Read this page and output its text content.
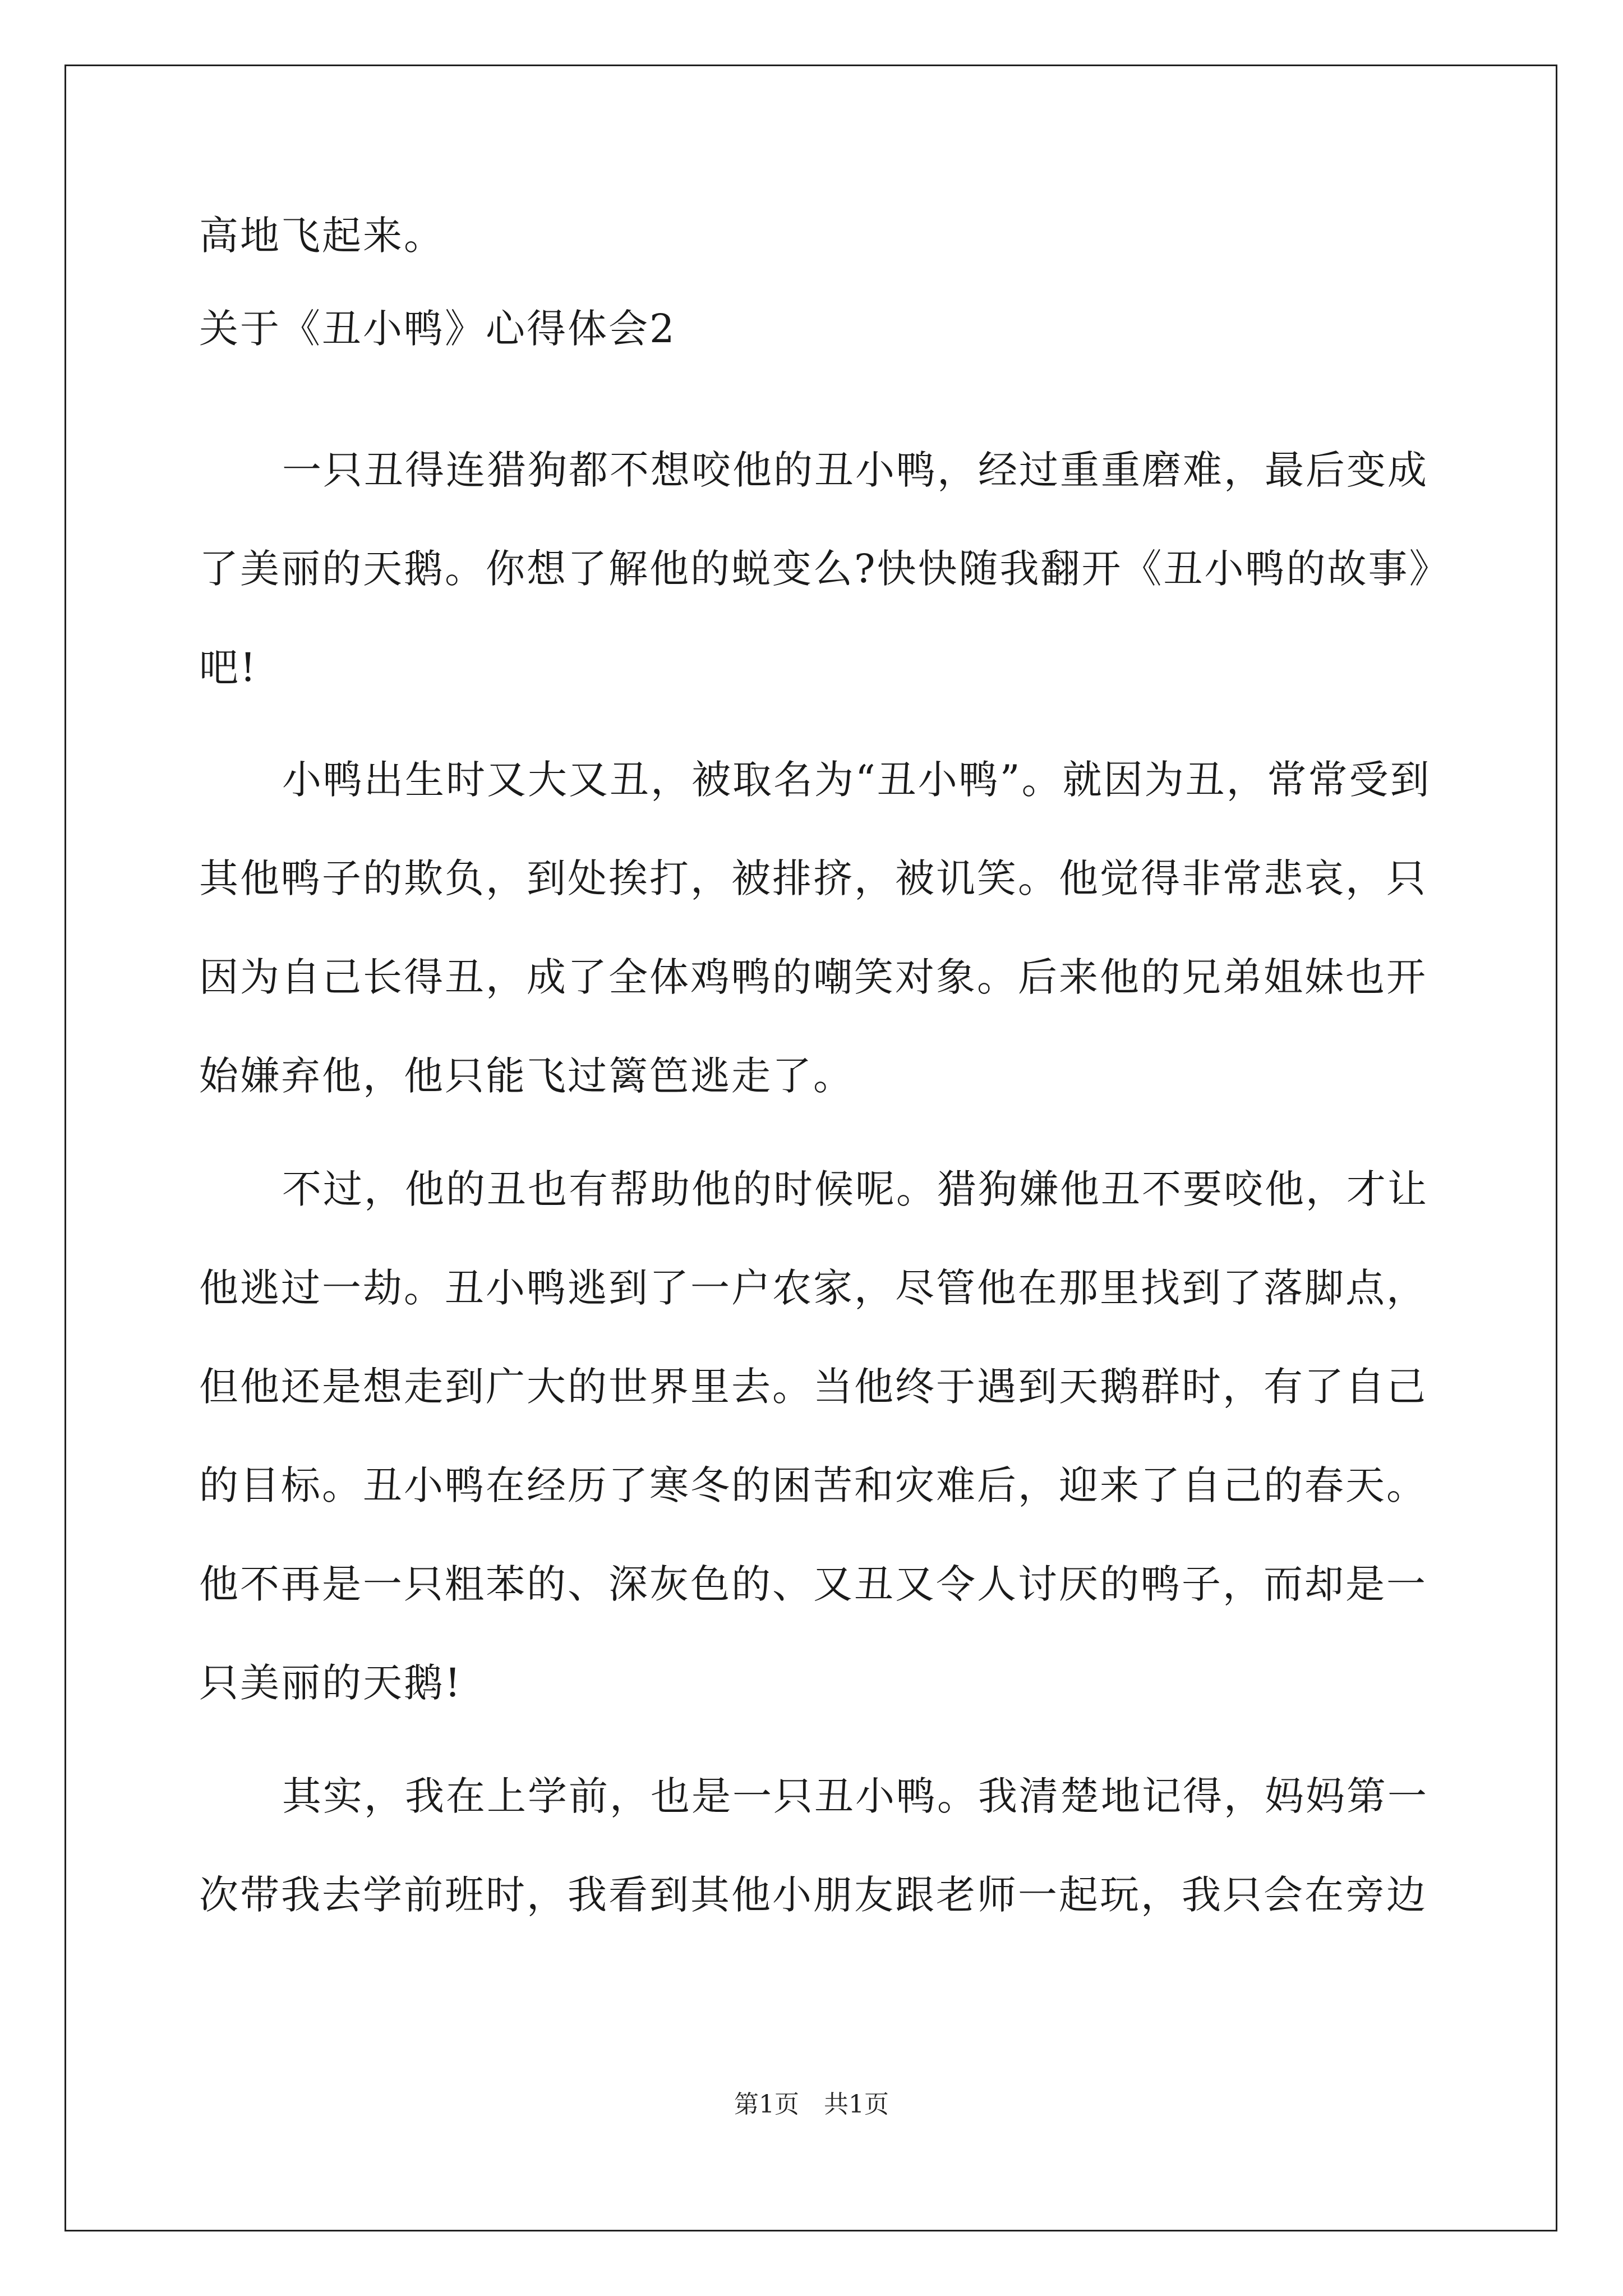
高地飞起来。
关于《丑小鸭》心得体会2
一只丑得连猎狗都不想咬他的丑小鸭，经过重重磨难，最后变成
了美丽的天鹅。你想了解他的蜕变么?快快随我翻开《丑小鸭的故事》
吧!
小鸭出生时又大又丑，被取名为“丑小鸭”。就因为丑，常常受到
其他鸭子的欺负，到处挨打，被排挤，被讥笑。他觉得非常悲哀，只
因为自己长得丑，成了全体鸡鸭的嘲笑对象。后来他的兄弟姐妹也开
始嫌弃他，他只能飞过篱笆逃走了。
不过，他的丑也有帮助他的时候呢。猎狗嫌他丑不要咬他，才让
他逃过一劫。丑小鸭逃到了一户农家，尽管他在那里找到了落脚点，
但他还是想走到广大的世界里去。当他终于遇到天鹅群时，有了自己
的目标。丑小鸭在经历了寒冬的困苦和灾难后，迎来了自己的春天。
他不再是一只粗苯的、深灰色的、又丑又令人讨厌的鸭子，而却是一
只美丽的天鹅!
其实，我在上学前，也是一只丑小鸭。我清楚地记得，妈妈第一
次带我去学前班时，我看到其他小朋友跟老师一起玩，我只会在旁边
第1页　共1页
